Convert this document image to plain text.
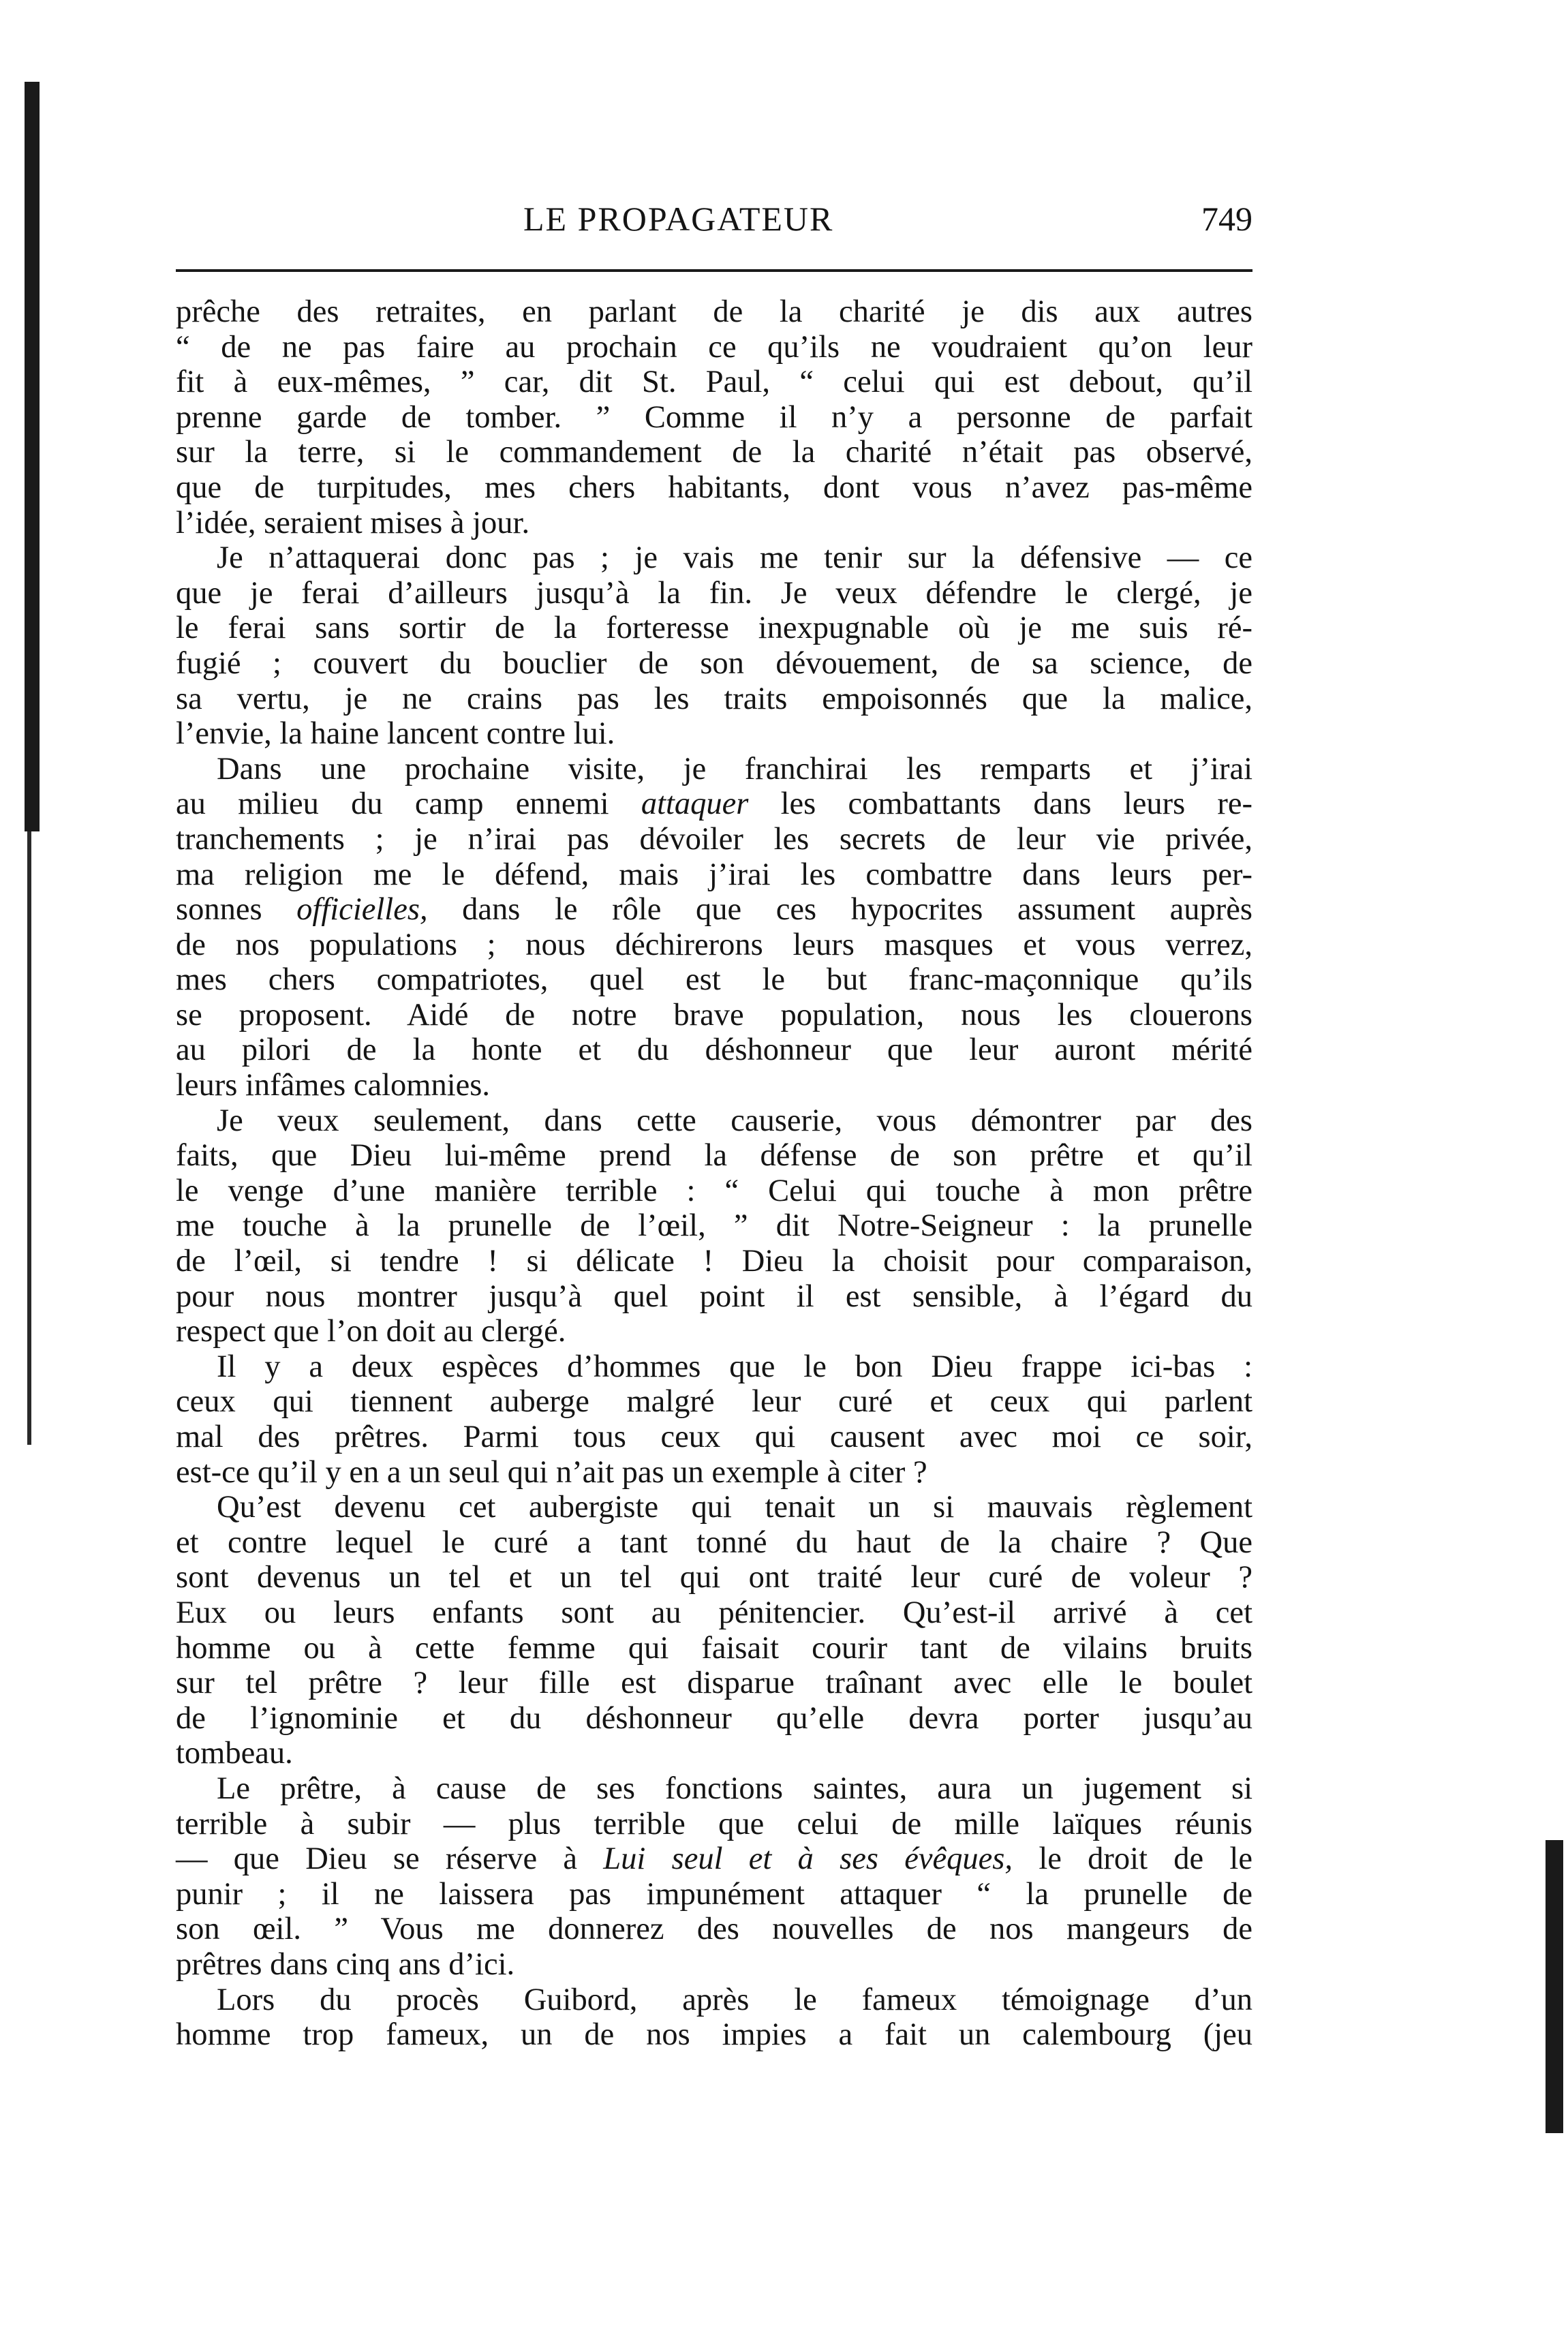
LE PROPAGATEUR	749
prêche des retraites, en parlant de la charité je dis aux autres
“ de ne pas faire au prochain ce qu’ils ne voudraient qu’on leur
fit à eux-mêmes, ” car, dit St. Paul, “ celui qui est debout, qu’il
prenne garde de tomber. ” Comme il n’y a personne de parfait
sur la terre, si le commandement de la charité n’était pas observé,
que de turpitudes, mes chers habitants, dont vous n’avez pas-même
l’idée, seraient mises à jour.
Je n’attaquerai donc pas ; je vais me tenir sur la défensive — ce
que je ferai d’ailleurs jusqu’à la fin. Je veux défendre le clergé, je
le ferai sans sortir de la forteresse inexpugnable où je me suis ré-
fugié ; couvert du bouclier de son dévouement, de sa science, de
sa vertu, je ne crains pas les traits empoisonnés que la malice,
l’envie, la haine lancent contre lui.
Dans une prochaine visite, je franchirai les remparts et j’irai
au milieu du camp ennemi attaquer les combattants dans leurs re-
tranchements ; je n’irai pas dévoiler les secrets de leur vie privée,
ma religion me le défend, mais j’irai les combattre dans leurs per-
sonnes officielles, dans le rôle que ces hypocrites assument auprès
de nos populations ; nous déchirerons leurs masques et vous verrez,
mes chers compatriotes, quel est le but franc-maçonnique qu’ils
se proposent. Aidé de notre brave population, nous les clouerons
au pilori de la honte et du déshonneur que leur auront mérité
leurs infâmes calomnies.
Je veux seulement, dans cette causerie, vous démontrer par des
faits, que Dieu lui-même prend la défense de son prêtre et qu’il
le venge d’une manière terrible : “ Celui qui touche à mon prêtre
me touche à la prunelle de l’œil, ” dit Notre-Seigneur : la prunelle
de l’œil, si tendre ! si délicate ! Dieu la choisit pour comparaison,
pour nous montrer jusqu’à quel point il est sensible, à l’égard du
respect que l’on doit au clergé.
Il y a deux espèces d’hommes que le bon Dieu frappe ici-bas :
ceux qui tiennent auberge malgré leur curé et ceux qui parlent
mal des prêtres. Parmi tous ceux qui causent avec moi ce soir,
est-ce qu’il y en a un seul qui n’ait pas un exemple à citer ?
Qu’est devenu cet aubergiste qui tenait un si mauvais règlement
et contre lequel le curé a tant tonné du haut de la chaire ? Que
sont devenus un tel et un tel qui ont traité leur curé de voleur ?
Eux ou leurs enfants sont au pénitencier. Qu’est-il arrivé à cet
homme ou à cette femme qui faisait courir tant de vilains bruits
sur tel prêtre ? leur fille est disparue traînant avec elle le boulet
de l’ignominie et du déshonneur qu’elle devra porter jusqu’au
tombeau.
Le prêtre, à cause de ses fonctions saintes, aura un jugement si
terrible à subir — plus terrible que celui de mille laïques réunis
— que Dieu se réserve à Lui seul et à ses évêques, le droit de le
punir ; il ne laissera pas impunément attaquer “ la prunelle de
son œil. ” Vous me donnerez des nouvelles de nos mangeurs de
prêtres dans cinq ans d’ici.
Lors du procès Guibord, après le fameux témoignage d’un
homme trop fameux, un de nos impies a fait un calembourg (jeu
